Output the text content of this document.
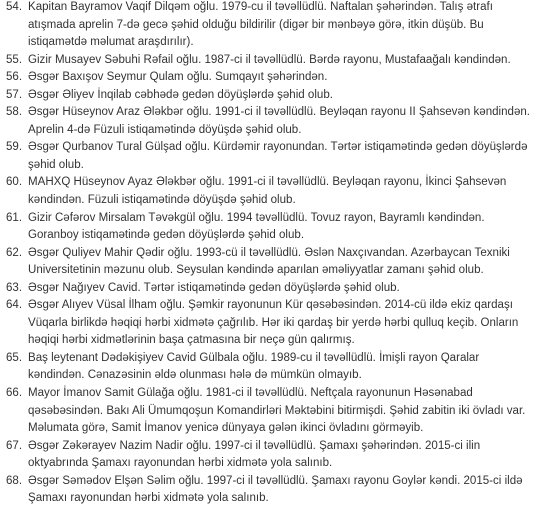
54. Kapitan Bayramov Vaqif Dilqəm oğlu. 1979-cu il təvəllüdlü. Naftalan şəhərindən. Talış ətrafı atışmada aprelin 7-də gecə şəhid olduğu bildirilir (digər bir mənbəyə görə, itkin düşüb. Bu istiqamətdə məlumat araşdırılır).
55. Gizir Musayev Səbuhi Rəfail oğlu. 1987-ci il təvəllüdlü. Bərdə rayonu, Mustafaağalı kəndindən.
56. Əsgər Baxışov Seymur Qulam oğlu. Sumqayıt şəhərindən.
57. Əsgər Əliyev İnqilab cəbhədə gedən döyüşlərdə şəhid olub.
58. Əsgər Hüseynov Araz Ələkbər oğlu. 1991-ci il təvəllüdlü. Beyləqan rayonu II Şahsevən kəndindən. Aprelin 4-də Füzuli istiqamətində döyüşdə şəhid olub.
59. Əsgər Qurbanov Tural Gülşad oğlu. Kürdəmir rayonundan. Tərtər istiqamətində gedən döyüşlərdə şəhid olub.
60. MAHXQ Hüseynov Ayaz Ələkbər oğlu. 1991-ci il təvəllüdlü. Beyləqan rayonu, İkinci Şahsevən kəndindən. Füzuli istiqamətində döyüşdə şəhid olub.
61. Gizir Cəfərov Mirsalam Təvəkgül oğlu. 1994 təvəllüdlü. Tovuz rayon, Bayramlı kəndindən. Goranboy istiqamətində gedən döyüşlərdə şəhid olub.
62. Əsgər Quliyev Mahir Qədir oğlu. 1993-cü il təvəllüdlü. Əslən Naxçıvandan. Azərbaycan Texniki Universitetinin məzunu olub. Seysulan kəndində aparılan əməliyyatlar zamanı şəhid olub.
63. Əsgər Nağıyev Cavid. Tərtər istiqamətində gedən döyüşlərdə şəhid olub.
64. Əsgər Alıyev Vüsal İlham oğlu. Şəmkir rayonunun Kür qəsəbəsindən. 2014-cü ildə ekiz qardaşı Vüqarla birlikdə həqiqi hərbi xidmətə çağrılıb. Hər iki qardaş bir yerdə hərbi qulluq keçib. Onların həqiqi hərbi xidmətlərinin başa çatmasına bir neçə gün qalırmış.
65. Baş leytenant Dədəkişiyev Cavid Gülbala oğlu. 1989-cu il təvəllüdlü. İmişli rayon Qaralar kəndindən. Cənazəsinin əldə olunması hələ də mümkün olmayıb.
66. Mayor İmanov Samit Gülağa oğlu. 1981-ci il təvəllüdlü. Neftçala rayonunun Həsənabad qəsəbəsindən. Bakı Ali Ümumqoşun Komandirləri Məktəbini bitirmişdi. Şəhid zabitin iki övladı var. Məlumata görə, Samit İmanov yenicə dünyaya gələn ikinci övladını görməyib.
67. Əsgər Zəkərayev Nazim Nadir oğlu. 1997-ci il təvəllüdlü. Şamaxı şəhərindən. 2015-ci ilin oktyabrında Şamaxı rayonundan hərbi xidmətə yola salınıb.
68. Əsgər Səmədov Elşən Səlim oğlu. 1997-ci il təvəllüdlü. Şamaxı rayonu Goylər kəndi. 2015-ci ildə Şamaxı rayonundan hərbi xidmətə yola salınıb.
